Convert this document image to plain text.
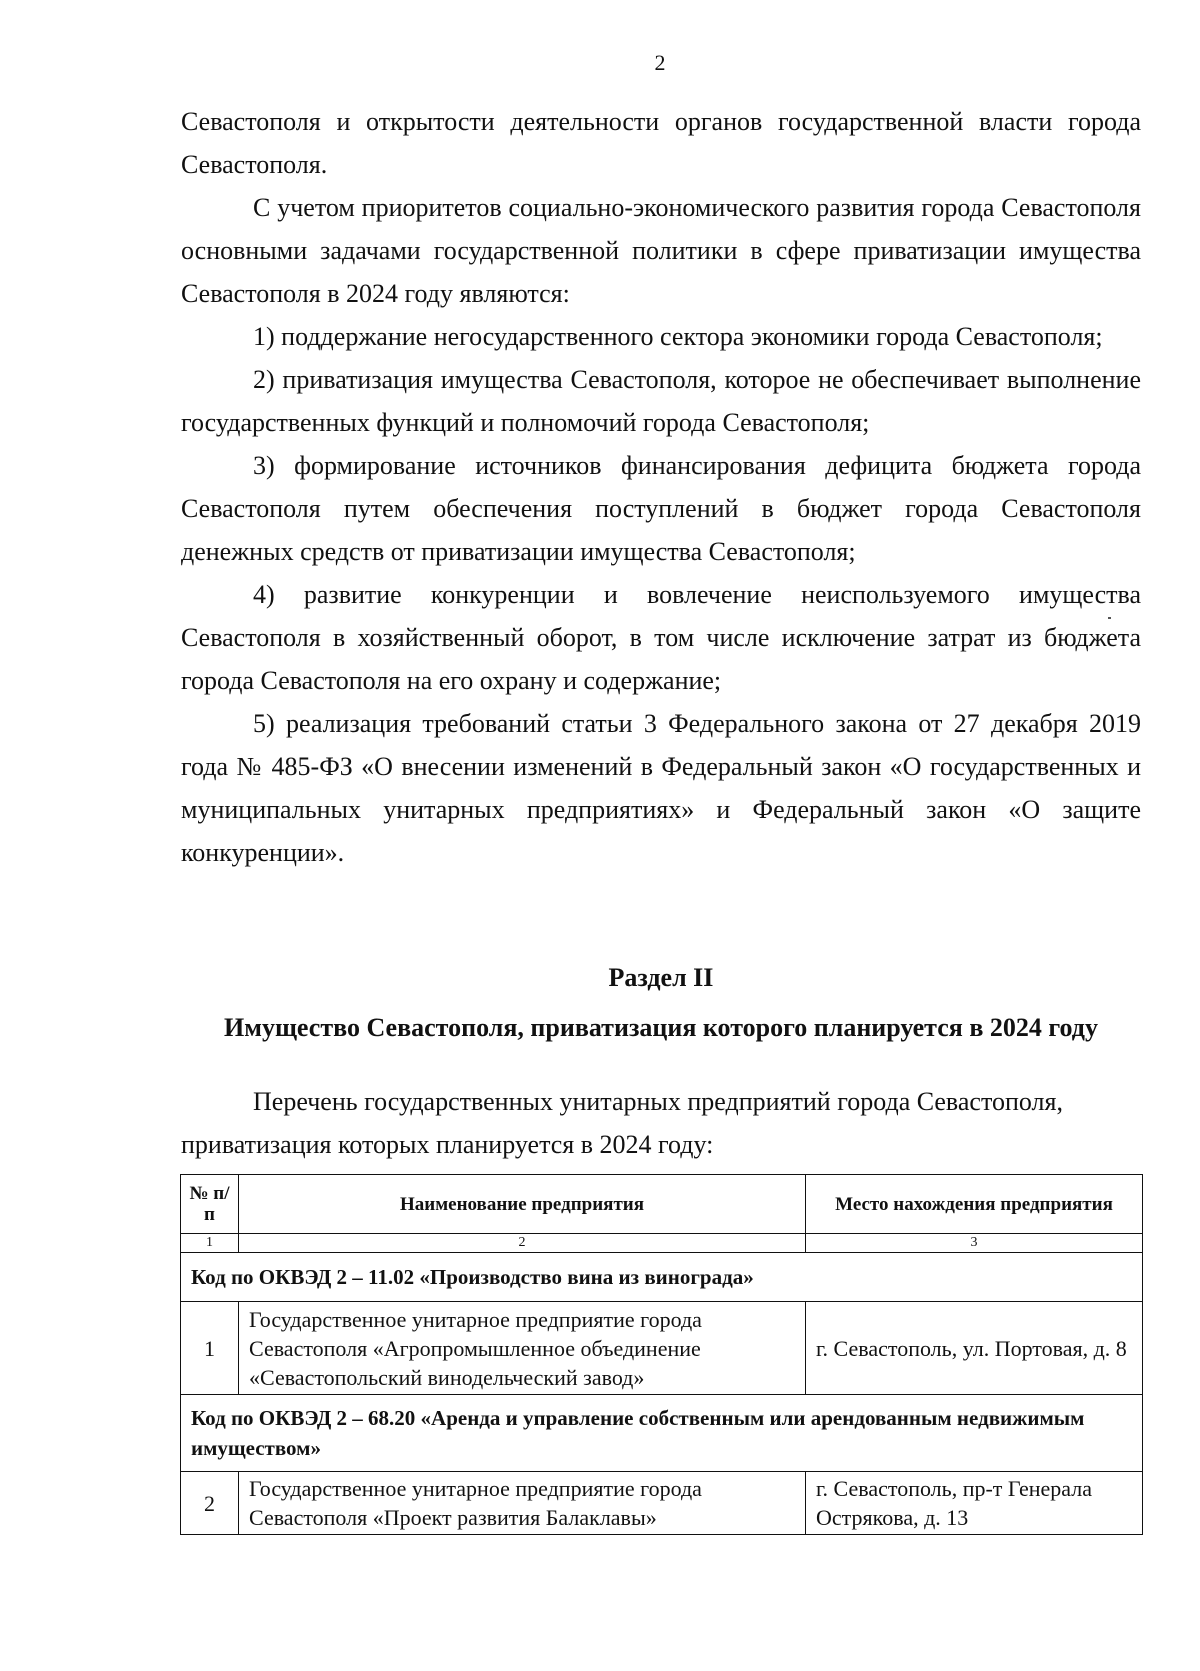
2

Севастополя и открытости деятельности органов государственной власти города Севастополя.

С учетом приоритетов социально-экономического развития города Севастополя основными задачами государственной политики в сфере приватизации имущества Севастополя в 2024 году являются:

1) поддержание негосударственного сектора экономики города Севастополя;

2) приватизация имущества Севастополя, которое не обеспечивает выполнение государственных функций и полномочий города Севастополя;

3) формирование источников финансирования дефицита бюджета города Севастополя путем обеспечения поступлений в бюджет города Севастополя денежных средств от приватизации имущества Севастополя;

4) развитие конкуренции и вовлечение неиспользуемого имущества Севастополя в хозяйственный оборот, в том числе исключение затрат из бюджета города Севастополя на его охрану и содержание;

5) реализация требований статьи 3 Федерального закона от 27 декабря 2019 года № 485-ФЗ «О внесении изменений в Федеральный закон «О государственных и муниципальных унитарных предприятиях» и Федеральный закон «О защите конкуренции».

Раздел II
Имущество Севастополя, приватизация которого планируется в 2024 году

Перечень государственных унитарных предприятий города Севастополя, приватизация которых планируется в 2024 году:

№ п/п	Наименование предприятия	Место нахождения предприятия
1	2	3
Код по ОКВЭД 2 – 11.02 «Производство вина из винограда»		
1	Государственное унитарное предприятие города Севастополя «Агропромышленное объединение «Севастопольский винодельческий завод»	г. Севастополь, ул. Портовая, д. 8
Код по ОКВЭД 2 – 68.20 «Аренда и управление собственным или арендованным недвижимым имуществом»		
2	Государственное унитарное предприятие города Севастополя «Проект развития Балаклавы»	г. Севастополь, пр-т Генерала Острякова, д. 13
